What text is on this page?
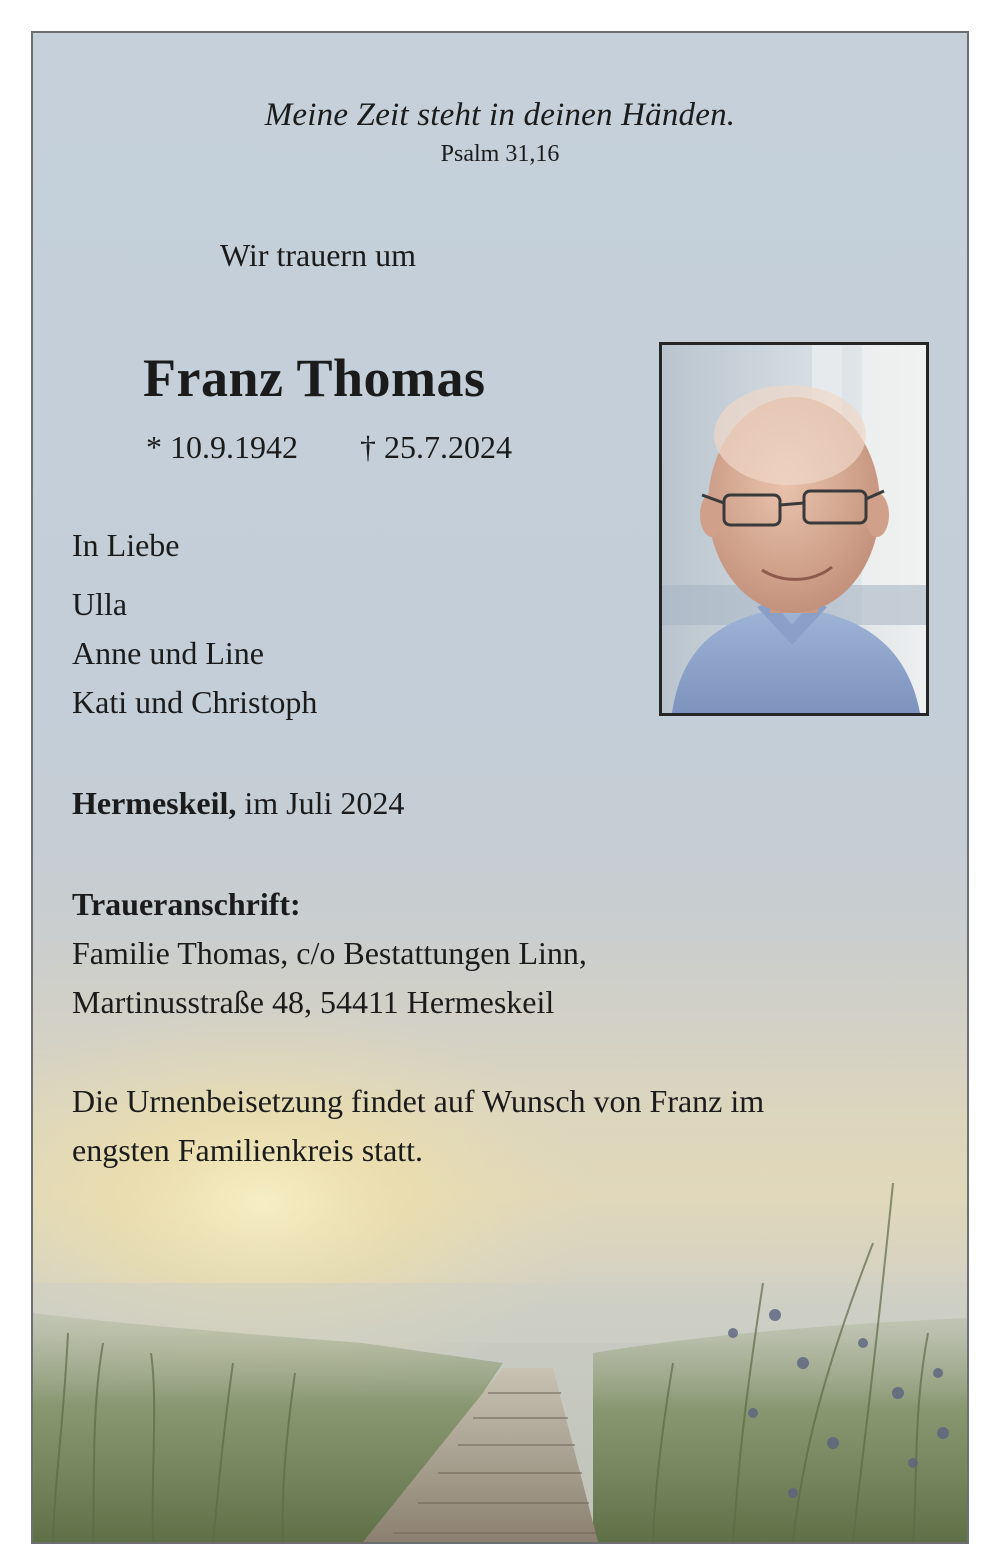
Meine Zeit steht in deinen Händen.

Psalm 31,16

Wir trauern um

Franz Thomas

* 10.9.1942 † 25.7.2024

In Liebe

Ulla

Anne und Line

Kati und Christoph

Hermeskeil, im Juli 2024

Traueranschrift:

Familie Thomas, c/o Bestattungen Linn,

Martinusstraße 48, 54411 Hermeskeil

Die Urnenbeisetzung findet auf Wunsch von Franz im

engsten Familienkreis statt.
